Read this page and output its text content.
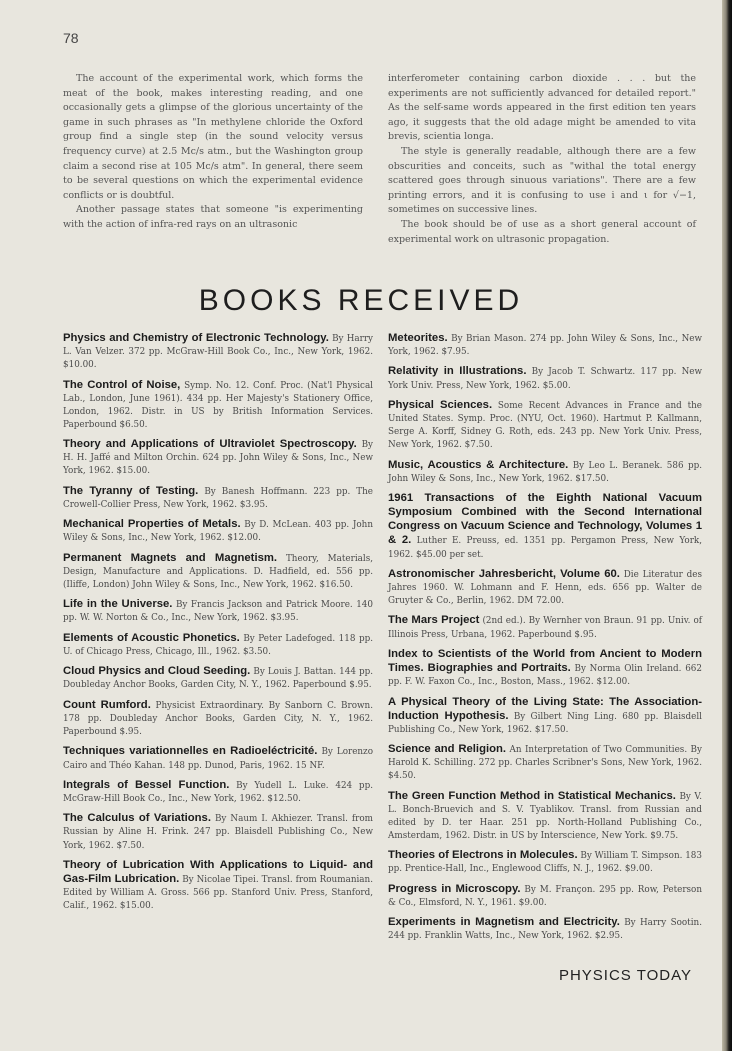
78

The account of the experimental work, which forms the meat of the book, makes interesting reading, and one occasionally gets a glimpse of the glorious uncertainty of the game in such phrases as "In methylene chloride the Oxford group find a single step (in the sound velocity versus frequency curve) at 2.5 Mc/s atm., but the Washington group claim a second rise at 105 Mc/s atm". In general, there seem to be several questions on which the experimental evidence conflicts or is doubtful.

Another passage states that someone "is experimenting with the action of infra-red rays on an ultrasonic

interferometer containing carbon dioxide . . . but the experiments are not sufficiently advanced for detailed report." As the self-same words appeared in the first edition ten years ago, it suggests that the old adage might be amended to vita brevis, scientia longa.

The style is generally readable, although there are a few obscurities and conceits, such as "withal the total energy scattered goes through sinuous variations". There are a few printing errors, and it is confusing to use i and ι for √−1, sometimes on successive lines.

The book should be of use as a short general account of experimental work on ultrasonic propagation.

BOOKS RECEIVED
Physics and Chemistry of Electronic Technology. By Harry L. Van Velzer. 372 pp. McGraw-Hill Book Co., Inc., New York, 1962. $10.00.
The Control of Noise, Symp. No. 12. Conf. Proc. (Nat'l Physical Lab., London, June 1961). 434 pp. Her Majesty's Stationery Office, London, 1962. Distr. in US by British Information Services. Paperbound $6.50.
Theory and Applications of Ultraviolet Spectroscopy. By H. H. Jaffé and Milton Orchin. 624 pp. John Wiley & Sons, Inc., New York, 1962. $15.00.
The Tyranny of Testing. By Banesh Hoffmann. 223 pp. The Crowell-Collier Press, New York, 1962. $3.95.
Mechanical Properties of Metals. By D. McLean. 403 pp. John Wiley & Sons, Inc., New York, 1962. $12.00.
Permanent Magnets and Magnetism. Theory, Materials, Design, Manufacture and Applications. D. Hadfield, ed. 556 pp. (Iliffe, London) John Wiley & Sons, Inc., New York, 1962. $16.50.
Life in the Universe. By Francis Jackson and Patrick Moore. 140 pp. W. W. Norton & Co., Inc., New York, 1962. $3.95.
Elements of Acoustic Phonetics. By Peter Ladefoged. 118 pp. U. of Chicago Press, Chicago, Ill., 1962. $3.50.
Cloud Physics and Cloud Seeding. By Louis J. Battan. 144 pp. Doubleday Anchor Books, Garden City, N. Y., 1962. Paperbound $.95.
Count Rumford. Physicist Extraordinary. By Sanborn C. Brown. 178 pp. Doubleday Anchor Books, Garden City, N. Y., 1962. Paperbound $.95.
Techniques variationnelles en Radioeléctricité. By Lorenzo Cairo and Théo Kahan. 148 pp. Dunod, Paris, 1962. 15 NF.
Integrals of Bessel Function. By Yudell L. Luke. 424 pp. McGraw-Hill Book Co., Inc., New York, 1962. $12.50.
The Calculus of Variations. By Naum I. Akhiezer. Transl. from Russian by Aline H. Frink. 247 pp. Blaisdell Publishing Co., New York, 1962. $7.50.
Theory of Lubrication With Applications to Liquid- and Gas-Film Lubrication. By Nicolae Tipei. Transl. from Roumanian. Edited by William A. Gross. 566 pp. Stanford Univ. Press, Stanford, Calif., 1962. $15.00.
Meteorites. By Brian Mason. 274 pp. John Wiley & Sons, Inc., New York, 1962. $7.95.
Relativity in Illustrations. By Jacob T. Schwartz. 117 pp. New York Univ. Press, New York, 1962. $5.00.
Physical Sciences. Some Recent Advances in France and the United States. Symp. Proc. (NYU, Oct. 1960). Hartmut P. Kallmann, Serge A. Korff, Sidney G. Roth, eds. 243 pp. New York Univ. Press, New York, 1962. $7.50.
Music, Acoustics & Architecture. By Leo L. Beranek. 586 pp. John Wiley & Sons, Inc., New York, 1962. $17.50.
1961 Transactions of the Eighth National Vacuum Symposium Combined with the Second International Congress on Vacuum Science and Technology, Volumes 1 & 2. Luther E. Preuss, ed. 1351 pp. Pergamon Press, New York, 1962. $45.00 per set.
Astronomischer Jahresbericht, Volume 60. Die Literatur des Jahres 1960. W. Lohmann and F. Henn, eds. 656 pp. Walter de Gruyter & Co., Berlin, 1962. DM 72.00.
The Mars Project (2nd ed.). By Wernher von Braun. 91 pp. Univ. of Illinois Press, Urbana, 1962. Paperbound $.95.
Index to Scientists of the World from Ancient to Modern Times. Biographies and Portraits. By Norma Olin Ireland. 662 pp. F. W. Faxon Co., Inc., Boston, Mass., 1962. $12.00.
A Physical Theory of the Living State: The Association-Induction Hypothesis. By Gilbert Ning Ling. 680 pp. Blaisdell Publishing Co., New York, 1962. $17.50.
Science and Religion. An Interpretation of Two Communities. By Harold K. Schilling. 272 pp. Charles Scribner's Sons, New York, 1962. $4.50.
The Green Function Method in Statistical Mechanics. By V. L. Bonch-Bruevich and S. V. Tyablikov. Transl. from Russian and edited by D. ter Haar. 251 pp. North-Holland Publishing Co., Amsterdam, 1962. Distr. in US by Interscience, New York. $9.75.
Theories of Electrons in Molecules. By William T. Simpson. 183 pp. Prentice-Hall, Inc., Englewood Cliffs, N. J., 1962. $9.00.
Progress in Microscopy. By M. Françon. 295 pp. Row, Peterson & Co., Elmsford, N. Y., 1961. $9.00.
Experiments in Magnetism and Electricity. By Harry Sootin. 244 pp. Franklin Watts, Inc., New York, 1962. $2.95.
PHYSICS TODAY
